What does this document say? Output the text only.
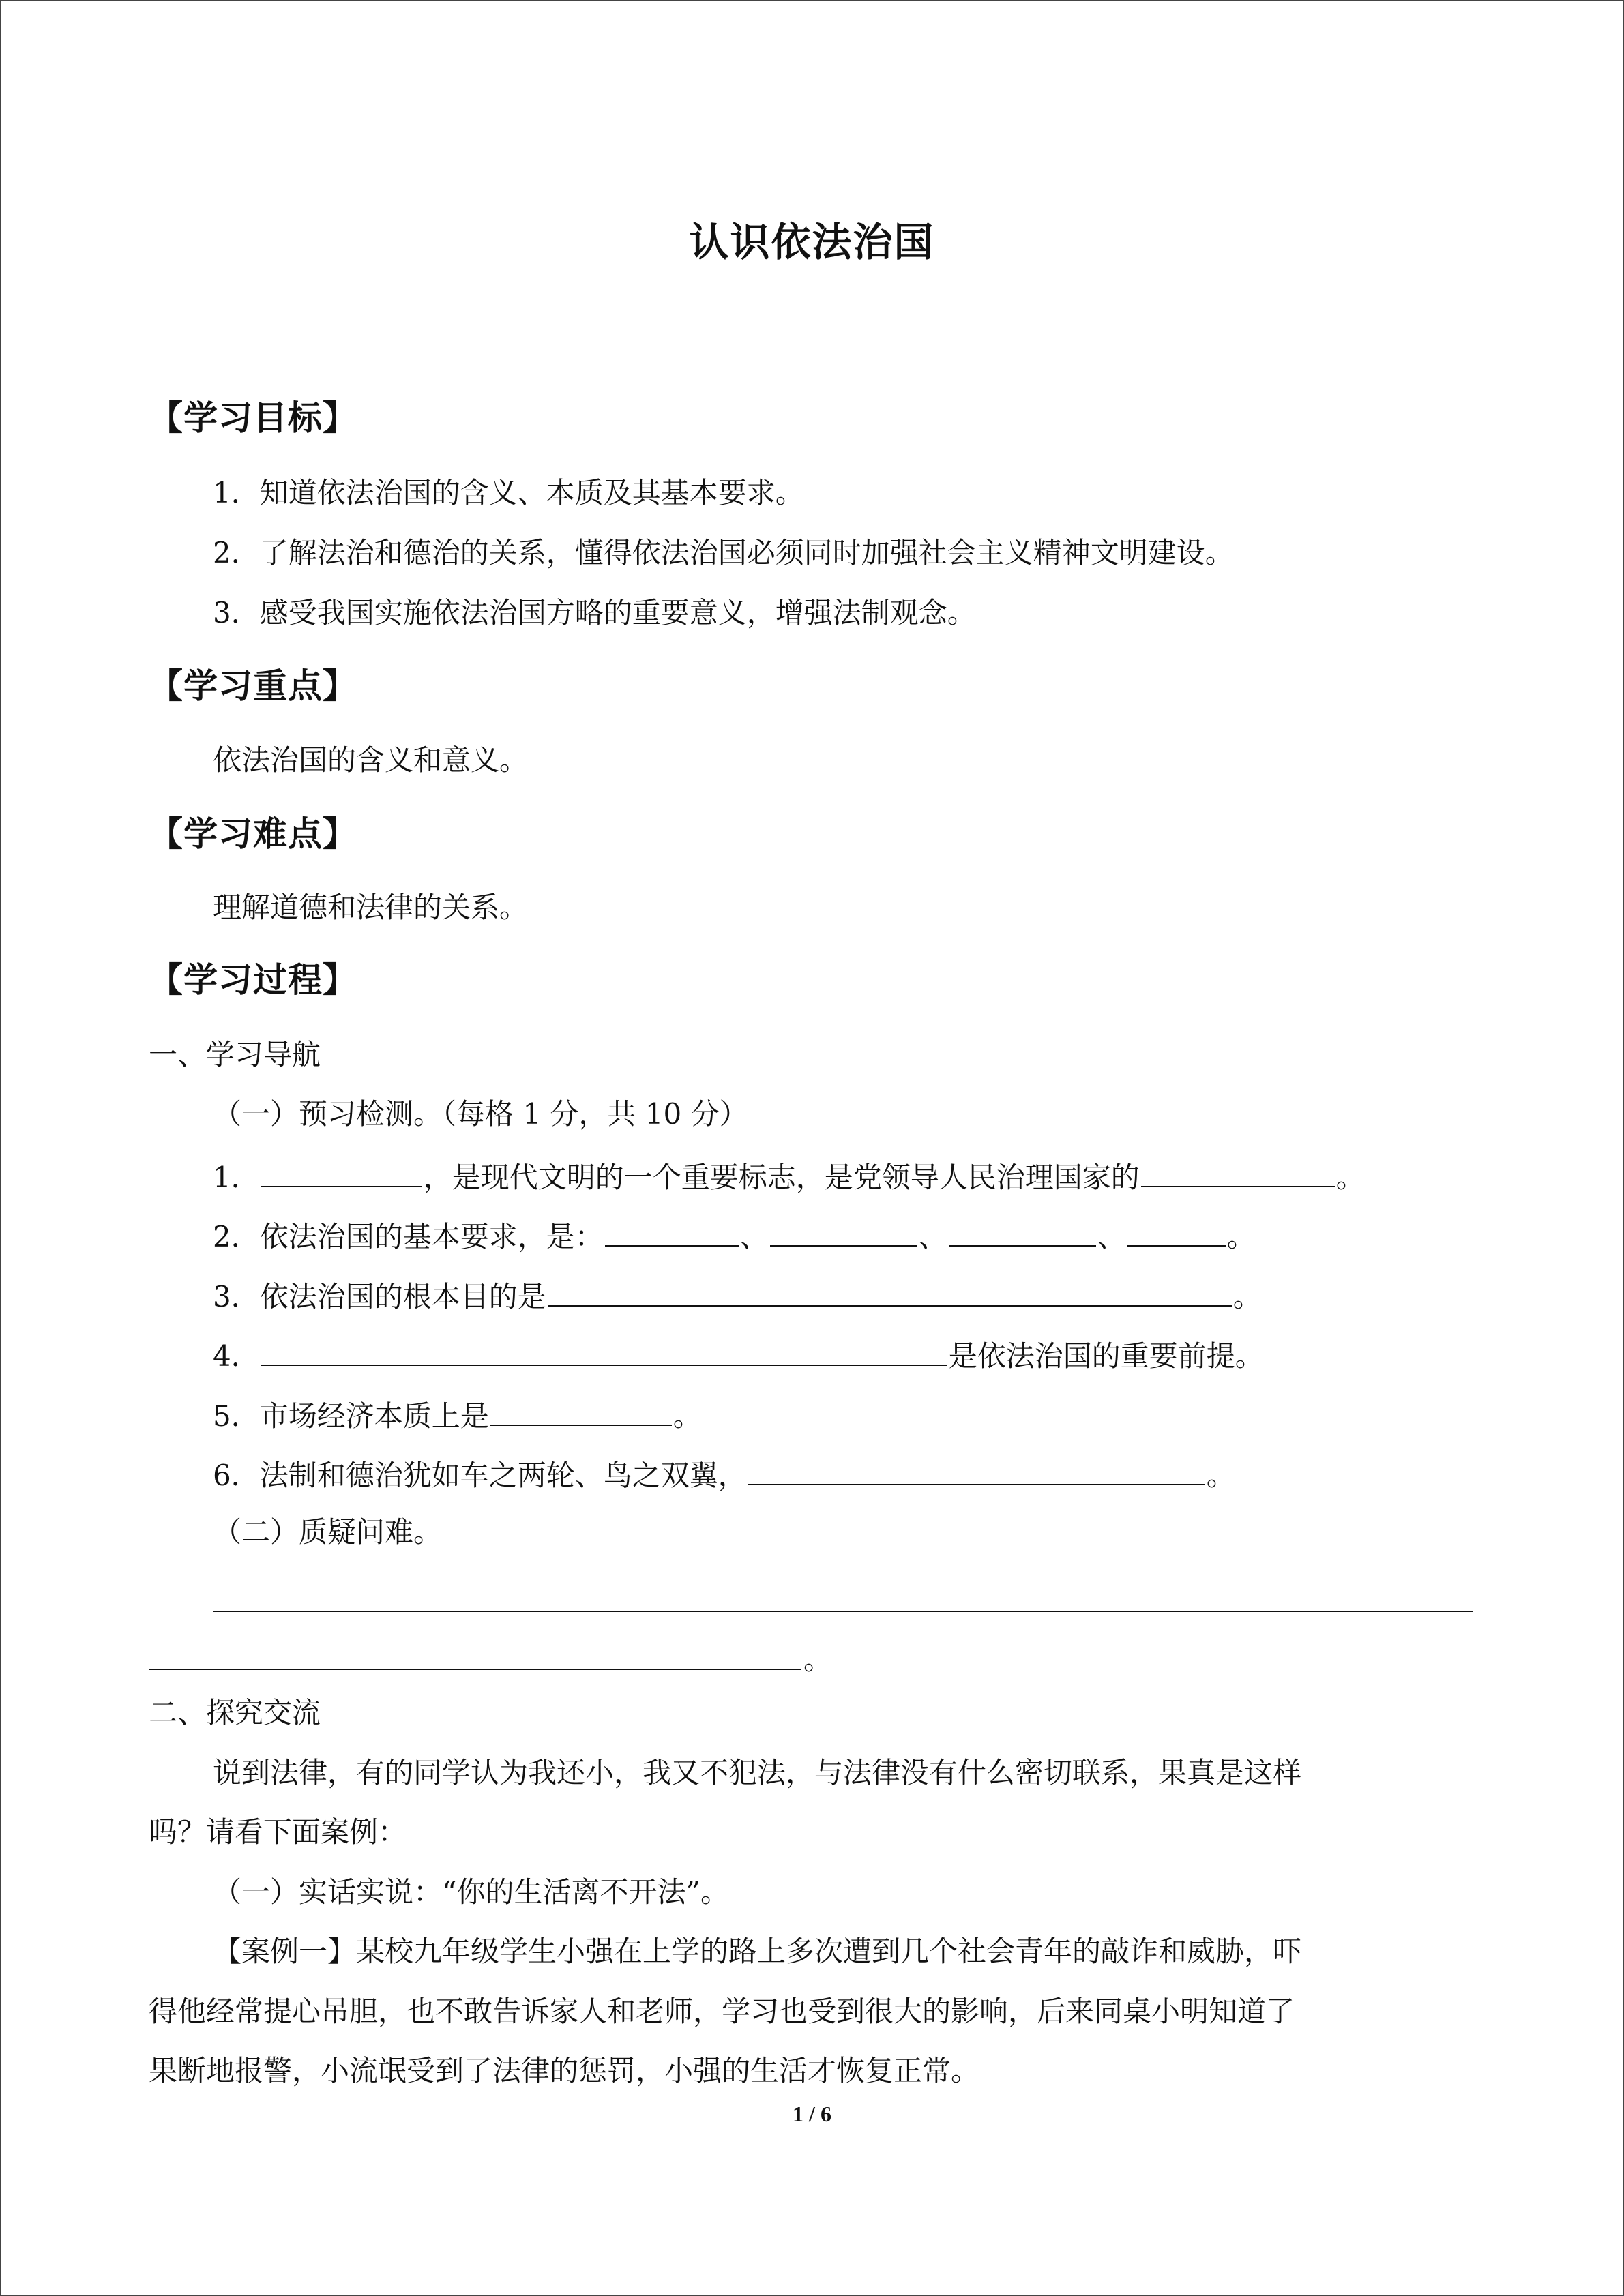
认识依法治国
【学习目标】
1．知道依法治国的含义、本质及其基本要求。
2．了解法治和德治的关系，懂得依法治国必须同时加强社会主义精神文明建设。
3．感受我国实施依法治国方略的重要意义，增强法制观念。
【学习重点】
依法治国的含义和意义。
【学习难点】
理解道德和法律的关系。
【学习过程】
一、学习导航
（一）预习检测。（每格 1 分，共 10 分）
1．	，是现代文明的一个重要标志，是党领导人民治理国家的	。
2．依法治国的基本要求，是：	、	、	、	。
3．依法治国的根本目的是	。
4．	是依法治国的重要前提。
5．市场经济本质上是	。
6．法制和德治犹如车之两轮、鸟之双翼，	。
（二）质疑问难。
。
二、探究交流
说到法律，有的同学认为我还小，我又不犯法，与法律没有什么密切联系，果真是这样
吗？请看下面案例：
（一）实话实说：“你的生活离不开法”。
【案例一】某校九年级学生小强在上学的路上多次遭到几个社会青年的敲诈和威胁，吓
得他经常提心吊胆，也不敢告诉家人和老师，学习也受到很大的影响，后来同桌小明知道了
果断地报警，小流氓受到了法律的惩罚，小强的生活才恢复正常。
1 / 6
